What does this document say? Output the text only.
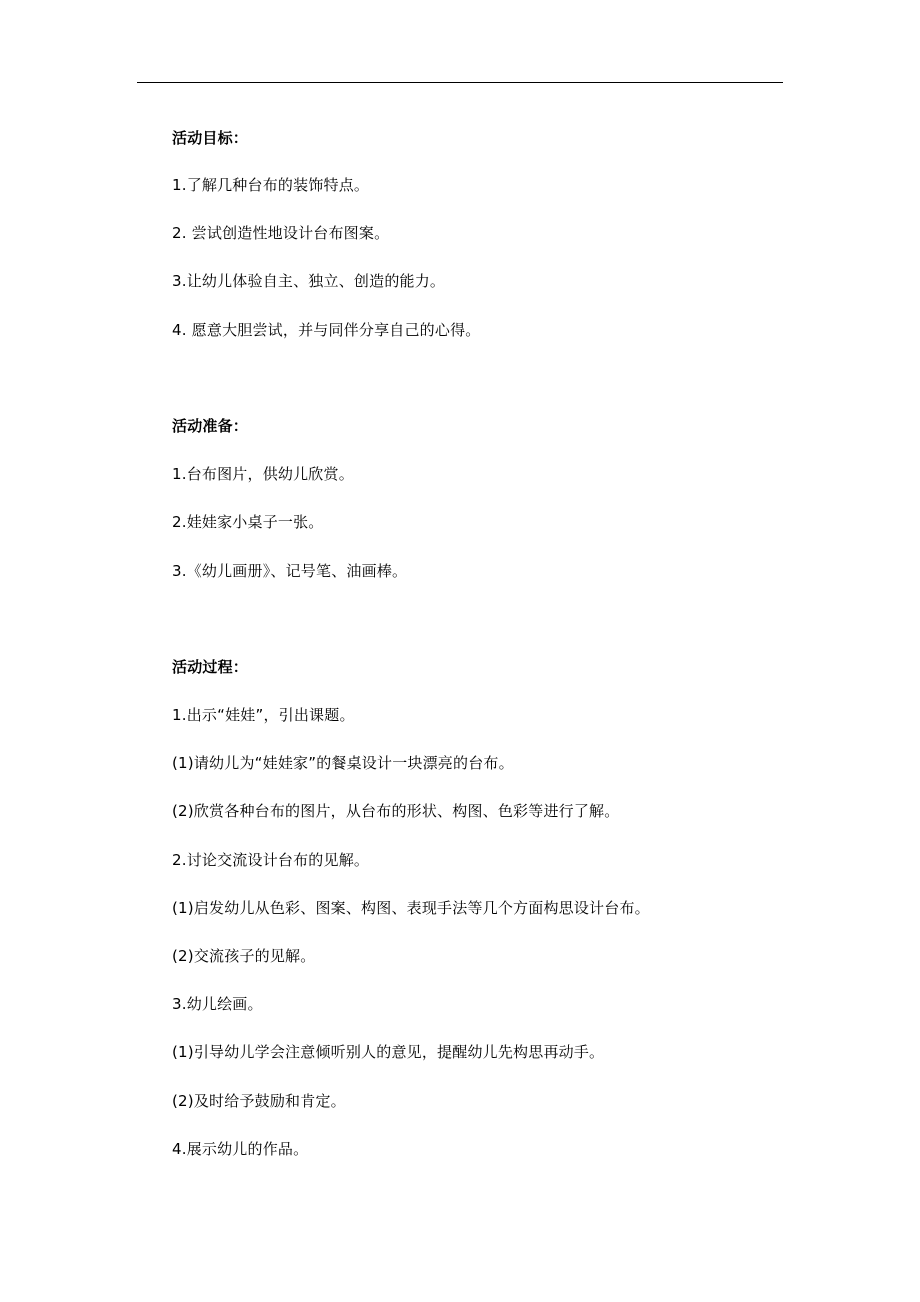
活动目标：
1.了解几种台布的装饰特点。
2. 尝试创造性地设计台布图案。
3.让幼儿体验自主、独立、创造的能力。
4. 愿意大胆尝试，并与同伴分享自己的心得。
活动准备：
1.台布图片，供幼儿欣赏。
2.娃娃家小桌子一张。
3.《幼儿画册》、记号笔、油画棒。
活动过程：
1.出示“娃娃”，引出课题。
(1)请幼儿为“娃娃家”的餐桌设计一块漂亮的台布。
(2)欣赏各种台布的图片，从台布的形状、构图、色彩等进行了解。
2.讨论交流设计台布的见解。
(1)启发幼儿从色彩、图案、构图、表现手法等几个方面构思设计台布。
(2)交流孩子的见解。
3.幼儿绘画。
(1)引导幼儿学会注意倾听别人的意见，提醒幼儿先构思再动手。
(2)及时给予鼓励和肯定。
4.展示幼儿的作品。
